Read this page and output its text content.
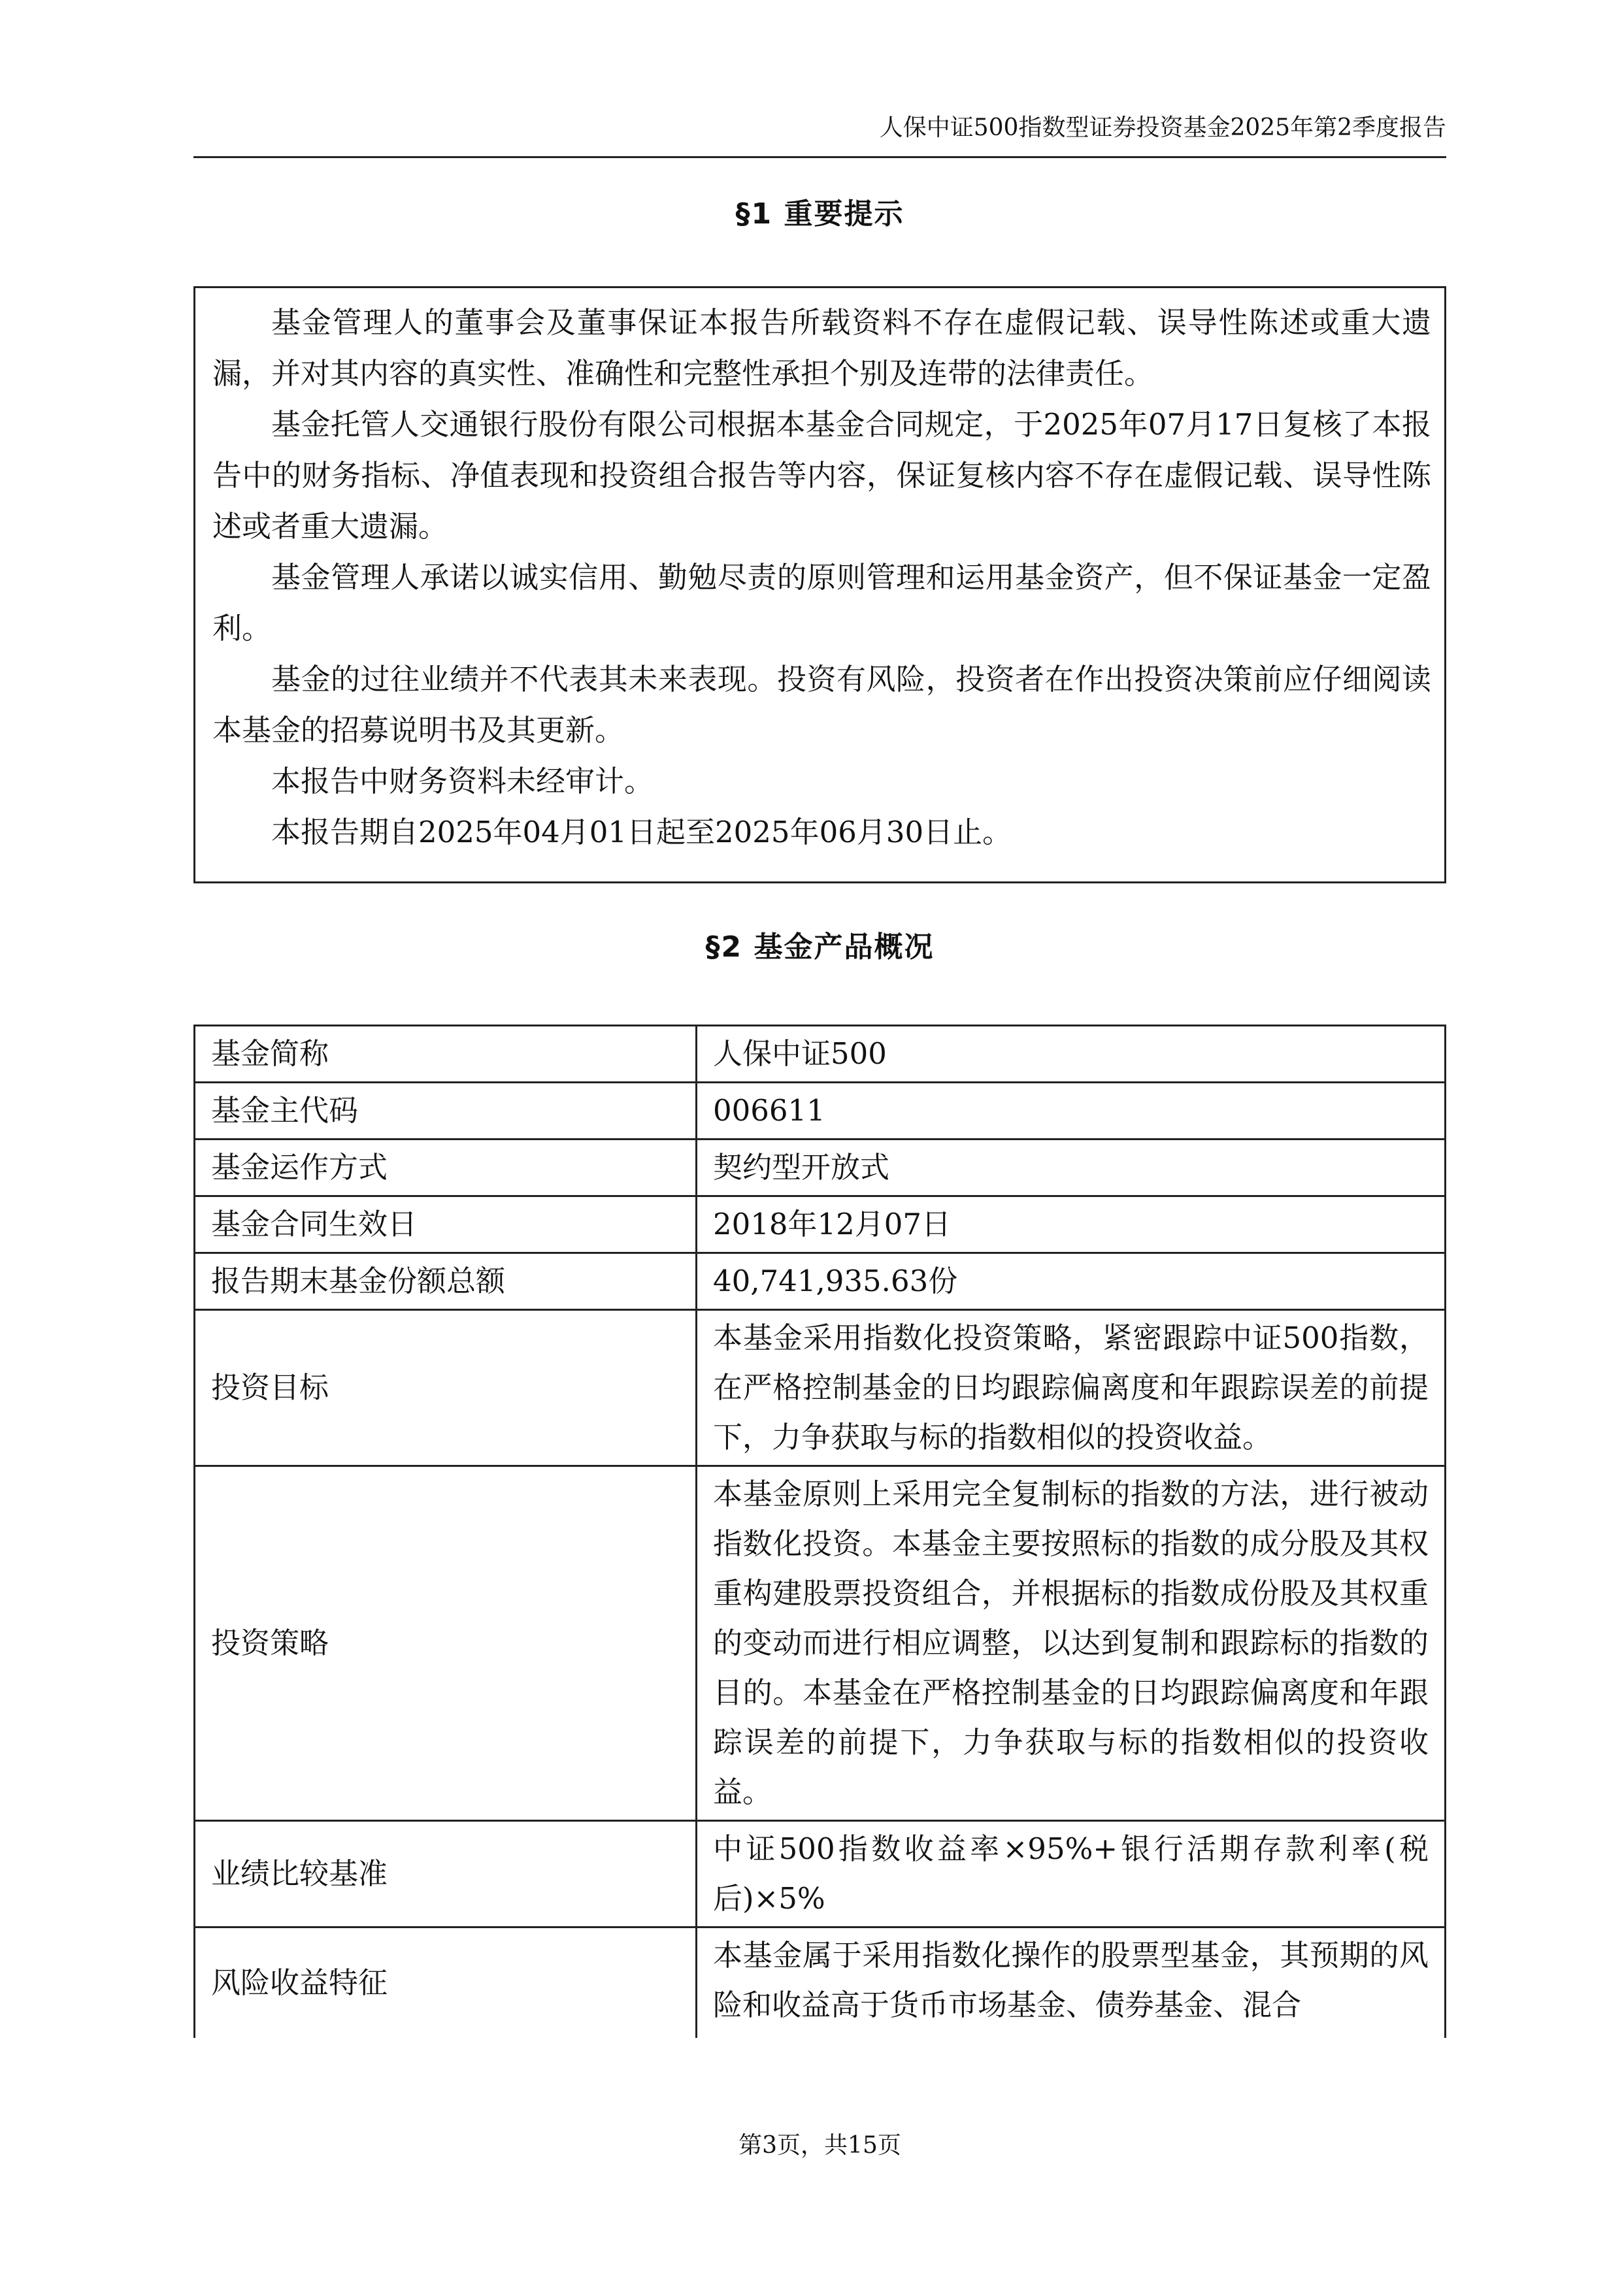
人保中证500指数型证券投资基金2025年第2季度报告
§1 重要提示

基金管理人的董事会及董事保证本报告所载资料不存在虚假记载、误导性陈述或重大遗漏，并对其内容的真实性、准确性和完整性承担个别及连带的法律责任。

基金托管人交通银行股份有限公司根据本基金合同规定，于2025年07月17日复核了本报告中的财务指标、净值表现和投资组合报告等内容，保证复核内容不存在虚假记载、误导性陈述或者重大遗漏。

基金管理人承诺以诚实信用、勤勉尽责的原则管理和运用基金资产，但不保证基金一定盈利。

基金的过往业绩并不代表其未来表现。投资有风险，投资者在作出投资决策前应仔细阅读本基金的招募说明书及其更新。

本报告中财务资料未经审计。

本报告期自2025年04月01日起至2025年06月30日止。

§2 基金产品概况
基金简称	人保中证500
基金主代码	006611
基金运作方式	契约型开放式
基金合同生效日	2018年12月07日
报告期末基金份额总额	40,741,935.63份
投资目标	本基金采用指数化投资策略，紧密跟踪中证500指数，在严格控制基金的日均跟踪偏离度和年跟踪误差的前提下，力争获取与标的指数相似的投资收益。
投资策略	本基金原则上采用完全复制标的指数的方法，进行被动指数化投资。本基金主要按照标的指数的成分股及其权重构建股票投资组合，并根据标的指数成份股及其权重的变动而进行相应调整，以达到复制和跟踪标的指数的目的。本基金在严格控制基金的日均跟踪偏离度和年跟踪误差的前提下，力争获取与标的指数相似的投资收益。
业绩比较基准	中证500指数收益率×95%+银行活期存款利率(税后)×5%

风险收益特征	本基金属于采用指数化操作的股票型基金，其预期的风险和收益高于货币市场基金、债券基金、混合
第3页，共15页
